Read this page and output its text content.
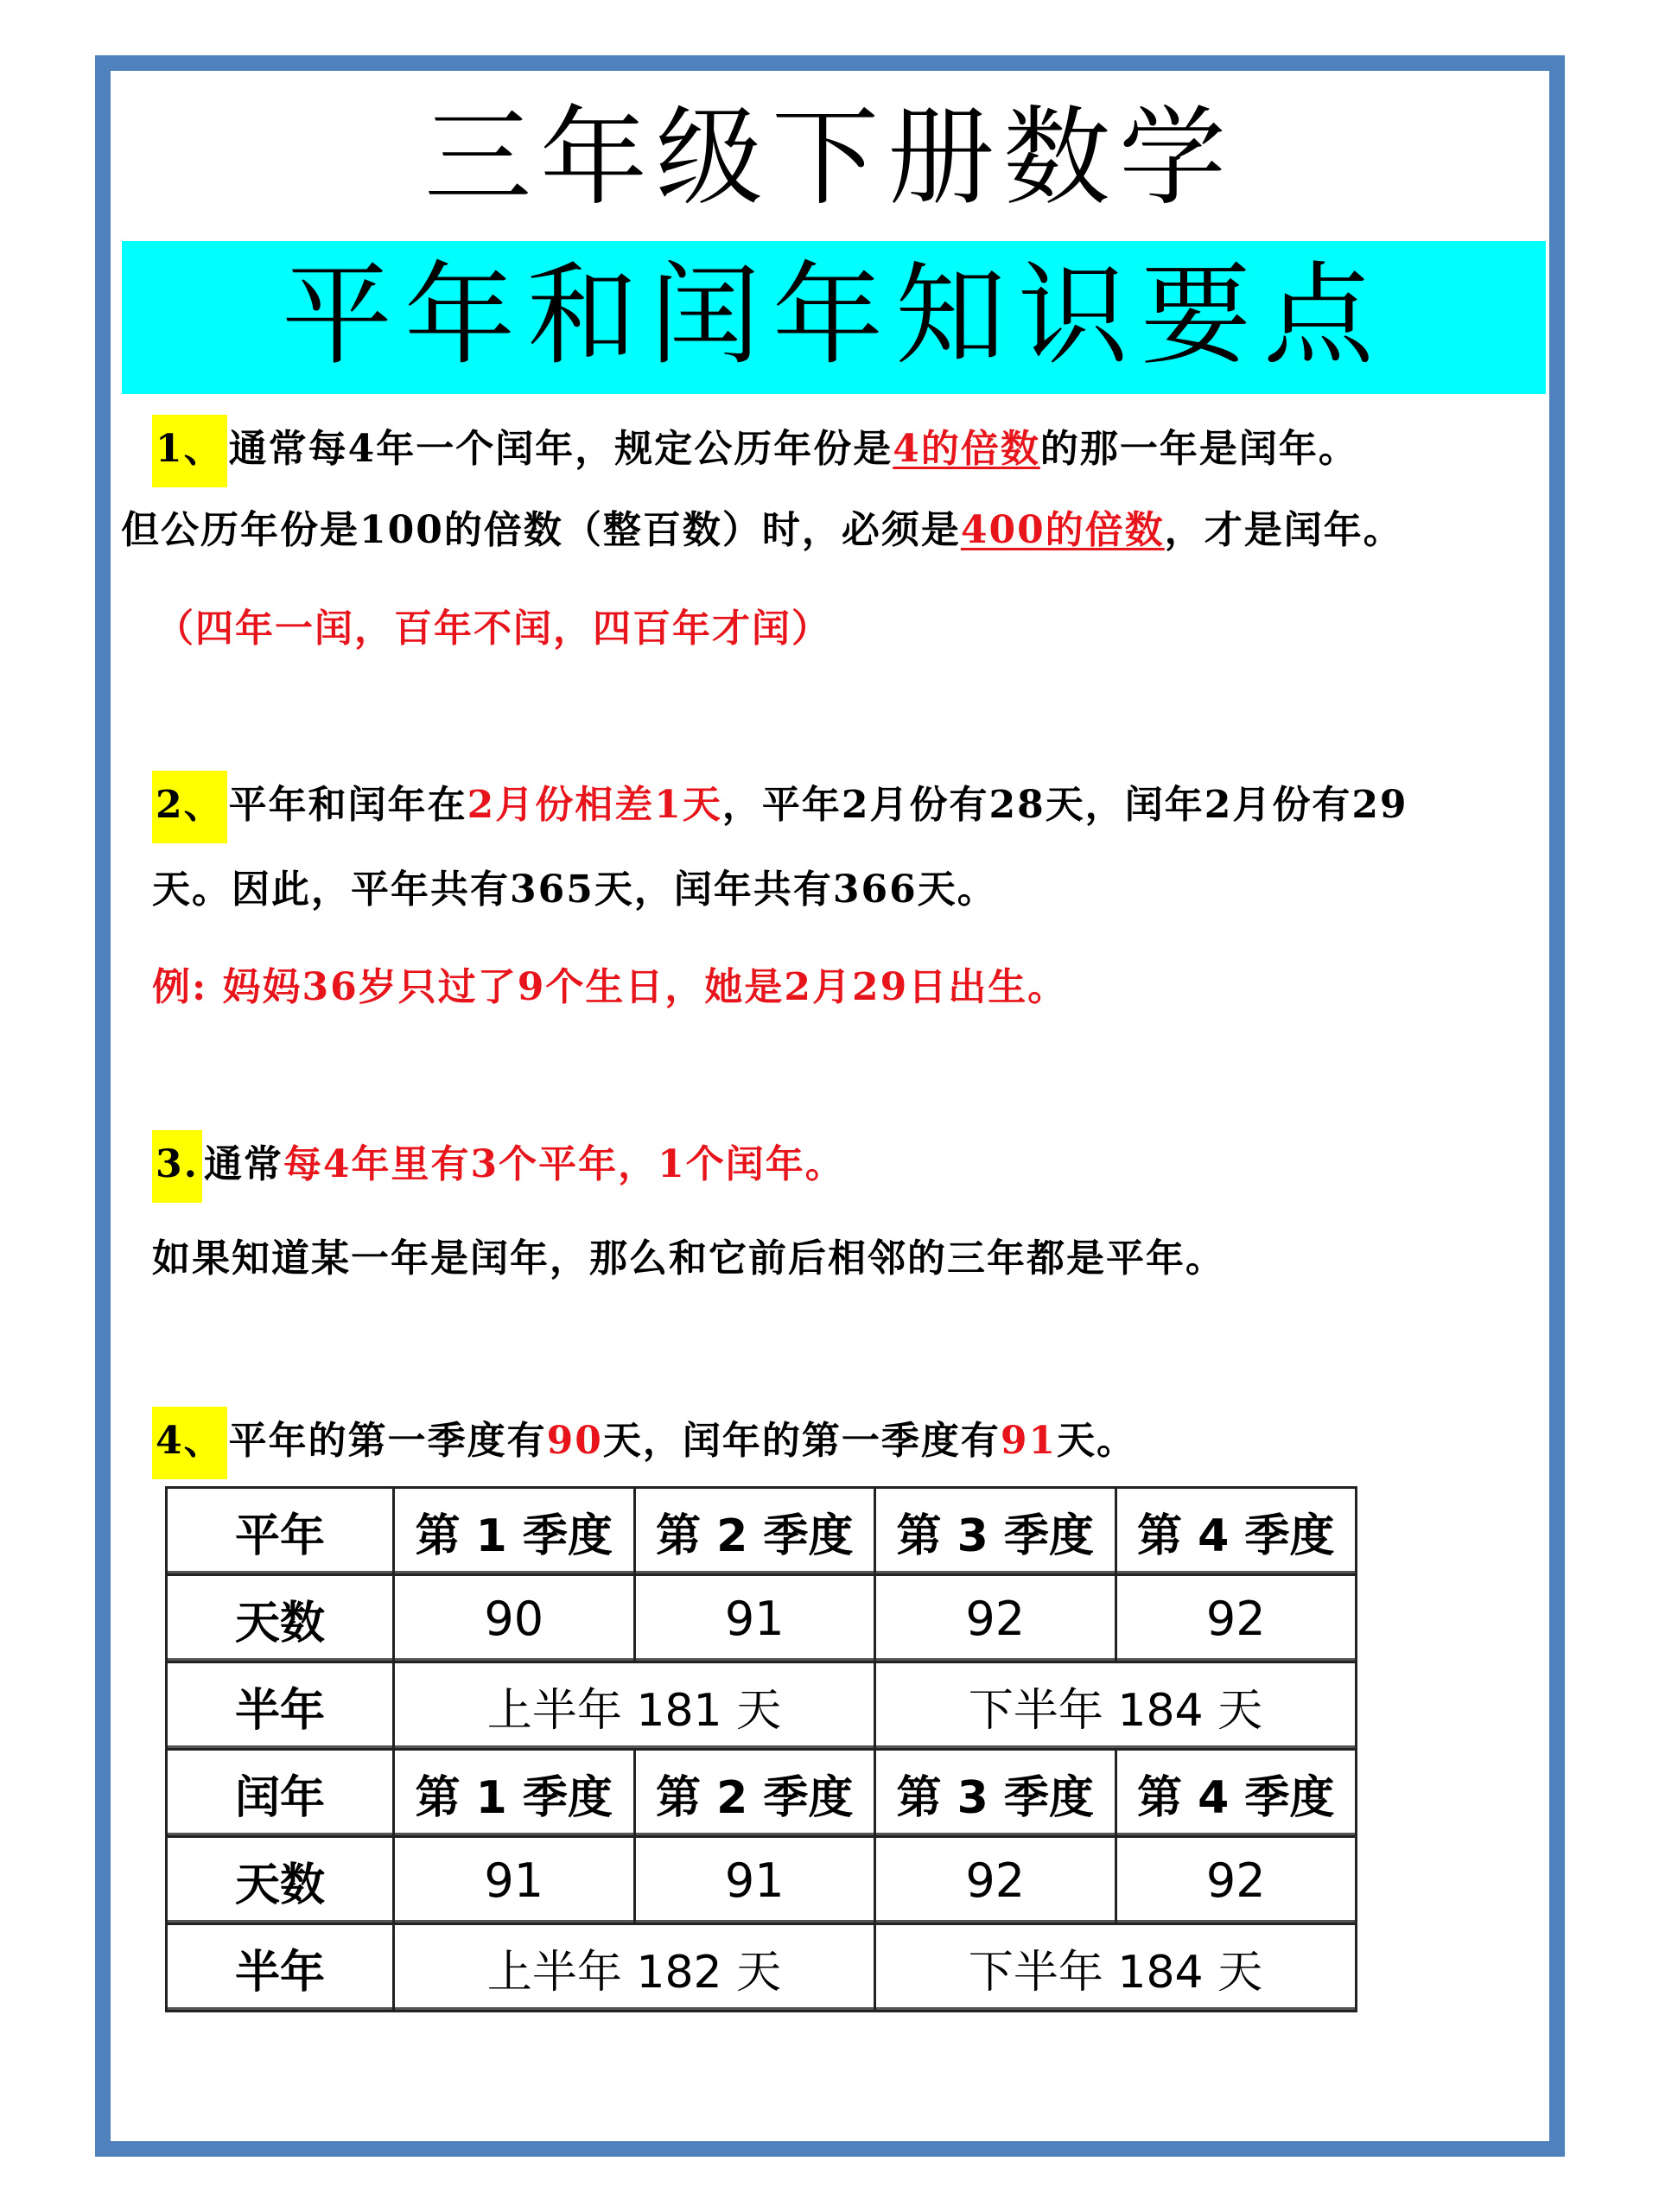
三年级下册数学
平年和闰年知识要点
1、 通常每4年一个闰年，规定公历年份是4的倍数的那一年是闰年。
但公历年份是100的倍数（整百数）时，必须是400的倍数，才是闰年。
（四年一闰，百年不闰，四百年才闰）
2、 平年和闰年在2月份相差1天，平年2月份有28天，闰年2月份有29
天。因此，平年共有365天，闰年共有366天。
例: 妈妈36岁只过了9个生日，她是2月29日出生。
3. 通常每4年里有3个平年，1个闰年。
如果知道某一年是闰年，那么和它前后相邻的三年都是平年。
4、 平年的第一季度有90天，闰年的第一季度有91天。
平年	第 1 季度	第 2 季度	第 3 季度	第 4 季度
天数	90	91	92	92
半年	上半年 181 天		下半年 184 天	
闰年	第 1 季度	第 2 季度	第 3 季度	第 4 季度
天数	91	91	92	92
半年	上半年 182 天		下半年 184 天	
